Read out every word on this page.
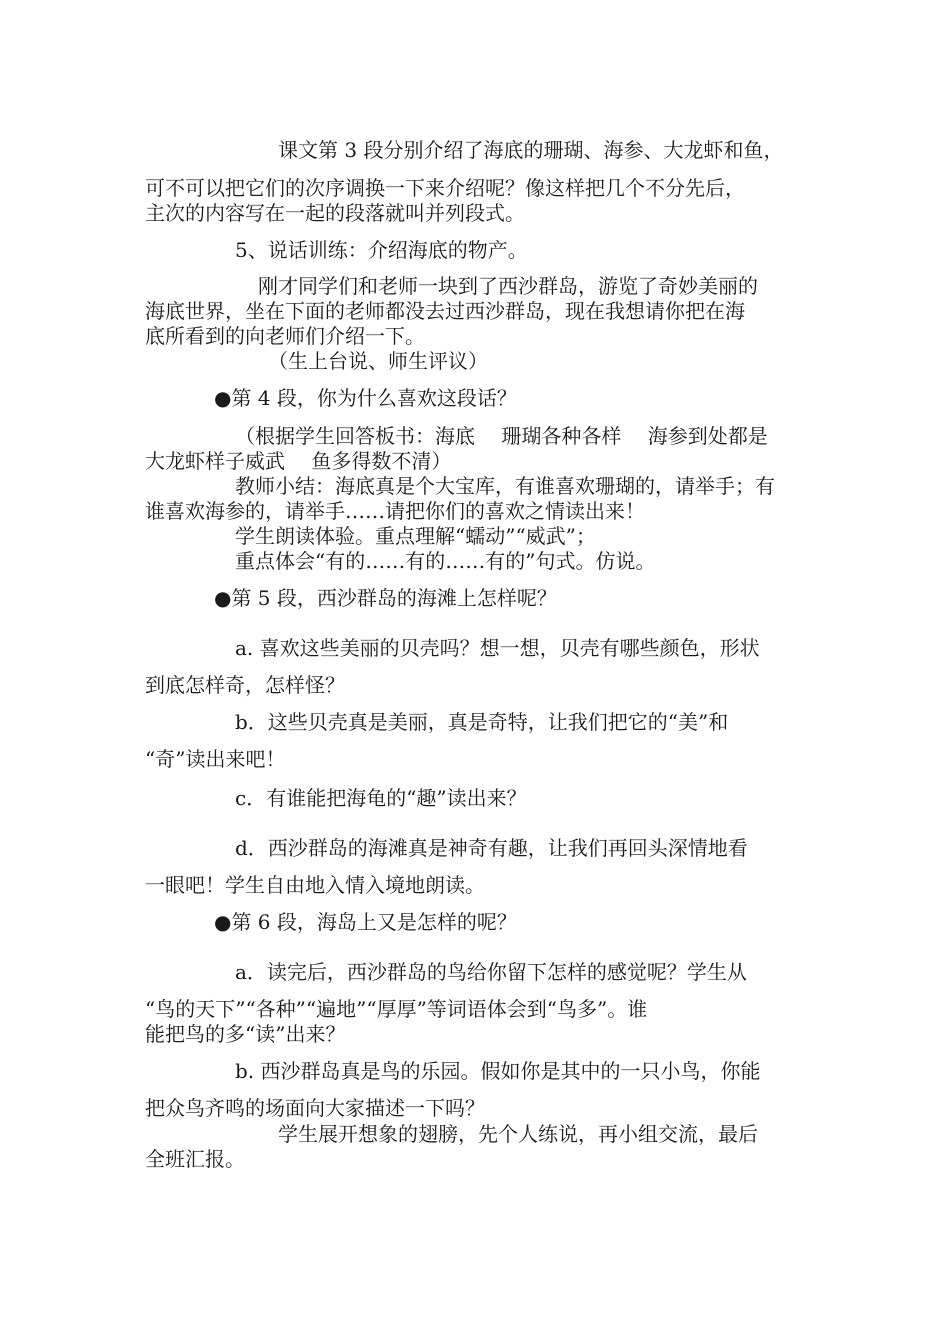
课文第 3 段分别介绍了海底的珊瑚、海参、大龙虾和鱼，
可不可以把它们的次序调换一下来介绍呢？像这样把几个不分先后，
主次的内容写在一起的段落就叫并列段式。
5、说话训练：介绍海底的物产。
刚才同学们和老师一块到了西沙群岛，游览了奇妙美丽的
海底世界，坐在下面的老师都没去过西沙群岛，现在我想请你把在海
底所看到的向老师们介绍一下。
（生上台说、师生评议）
●第 4 段，你为什么喜欢这段话？
（根据学生回答板书：海底　 珊瑚各种各样　 海参到处都是
大龙虾样子威武　 鱼多得数不清）
教师小结：海底真是个大宝库，有谁喜欢珊瑚的，请举手；有
谁喜欢海参的，请举手……请把你们的喜欢之情读出来！
学生朗读体验。重点理解“蠕动”“威武”；
重点体会“有的……有的……有的”句式。仿说。
●第 5 段，西沙群岛的海滩上怎样呢？
a. 喜欢这些美丽的贝壳吗？想一想，贝壳有哪些颜色，形状
到底怎样奇，怎样怪？
b．这些贝壳真是美丽，真是奇特，让我们把它的“美”和
“奇”读出来吧！
c．有谁能把海龟的“趣”读出来？
d．西沙群岛的海滩真是神奇有趣，让我们再回头深情地看
一眼吧！学生自由地入情入境地朗读。
●第 6 段，海岛上又是怎样的呢？
a．读完后，西沙群岛的鸟给你留下怎样的感觉呢？学生从
“鸟的天下”“各种”“遍地”“厚厚”等词语体会到“鸟多”。谁
能把鸟的多“读”出来？
b. 西沙群岛真是鸟的乐园。假如你是其中的一只小鸟，你能
把众鸟齐鸣的场面向大家描述一下吗？
学生展开想象的翅膀，先个人练说，再小组交流，最后
全班汇报。
